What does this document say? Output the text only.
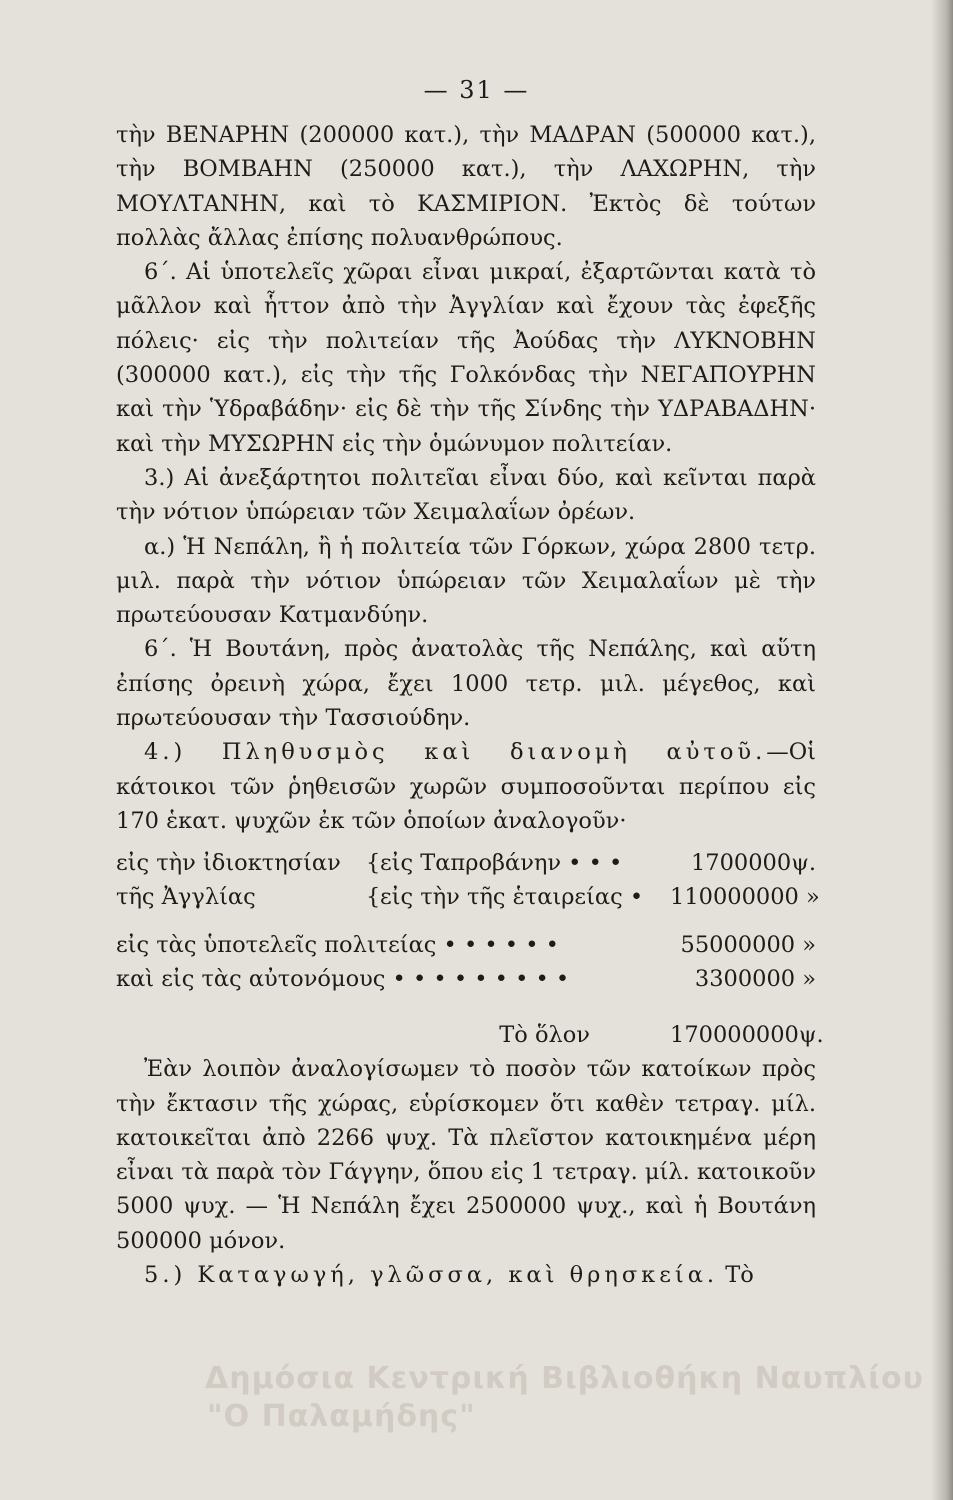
— 31 —

τὴν ΒΕΝΑΡΗΝ (200000 κατ.), τὴν ΜΑΔΡΑΝ (500000 κατ.), τὴν ΒΟΜΒΑΗΝ (250000 κατ.), τὴν ΛΑΧΩΡΗΝ, τὴν ΜΟΥΛΤΑΝΗΝ, καὶ τὸ ΚΑΣΜΙΡΙΟΝ. Ἐκτὸς δὲ τούτων πολλὰς ἄλλας ἐπίσης πολυανθρώπους.

6΄. Αἱ ὑποτελεῖς χῶραι εἶναι μικραί, ἐξαρτῶνται κατὰ τὸ μᾶλλον καὶ ἧττον ἀπὸ τὴν Ἀγγλίαν καὶ ἔχουν τὰς ἐφεξῆς πόλεις· εἰς τὴν πολιτείαν τῆς Ἀούδας τὴν ΛΥΚΝΟΒΗΝ (300000 κατ.), εἰς τὴν τῆς Γολκόνδας τὴν ΝΕΓΑΠΟΥΡΗΝ καὶ τὴν Ὑδραβάδην· εἰς δὲ τὴν τῆς Σίνδης τὴν ΥΔΡΑΒΑΔΗΝ· καὶ τὴν ΜΥΣΩΡΗΝ εἰς τὴν ὁμώνυμον πολιτείαν.

3.) Αἱ ἀνεξάρτητοι πολιτεῖαι εἶναι δύο, καὶ κεῖνται παρὰ τὴν νότιον ὑπώρειαν τῶν Χειμαλαΐων ὀρέων.

α.) Ἡ Νεπάλη, ἢ ἡ πολιτεία τῶν Γόρκων, χώρα 2800 τετρ. μιλ. παρὰ τὴν νότιον ὑπώρειαν τῶν Χειμαλαΐων μὲ τὴν πρωτεύουσαν Κατμανδύην.

6΄. Ἡ Βουτάνη, πρὸς ἀνατολὰς τῆς Νεπάλης, καὶ αὕτη ἐπίσης ὀρεινὴ χώρα, ἔχει 1000 τετρ. μιλ. μέγεθος, καὶ πρωτεύουσαν τὴν Τασσιούδην.

4.) Πληθυσμὸς καὶ διανομὴ αὐτοῦ.—Οἱ κάτοικοι τῶν ῥηθεισῶν χωρῶν συμποσοῦνται περίπου εἰς 170 ἑκατ. ψυχῶν ἐκ τῶν ὁποίων ἀναλογοῦν·

εἰς τὴν ἰδιοκτησίαν	{ εἰς Ταπροβάνην • • •	1700000ψ.
τῆς Ἀγγλίας	{ εἰς τὴν τῆς ἑταιρείας •	110000000 »
εἰς τὰς ὑποτελεῖς πολιτείας • • • • • •	55000000 »
καὶ εἰς τὰς αὐτονόμους • • • • • • • • •	3300000 »
Τὸ ὅλον	170000000ψ.

Ἐὰν λοιπὸν ἀναλογίσωμεν τὸ ποσὸν τῶν κατοίκων πρὸς τὴν ἔκτασιν τῆς χώρας, εὑρίσκομεν ὅτι καθὲν τετραγ. μίλ. κατοικεῖται ἀπὸ 2266 ψυχ. Τὰ πλεῖστον κατοικημένα μέρη εἶναι τὰ παρὰ τὸν Γάγγην, ὅπου εἰς 1 τετραγ. μίλ. κατοικοῦν 5000 ψυχ. — Ἡ Νεπάλη ἔχει 2500000 ψυχ., καὶ ἡ Βουτάνη 500000 μόνον.

5.) Καταγωγή, γλῶσσα, καὶ θρησκεία. Τὸ

Δημόσια Κεντρική Βιβλιοθήκη Ναυπλίου
"Ο Παλαμήδης"
